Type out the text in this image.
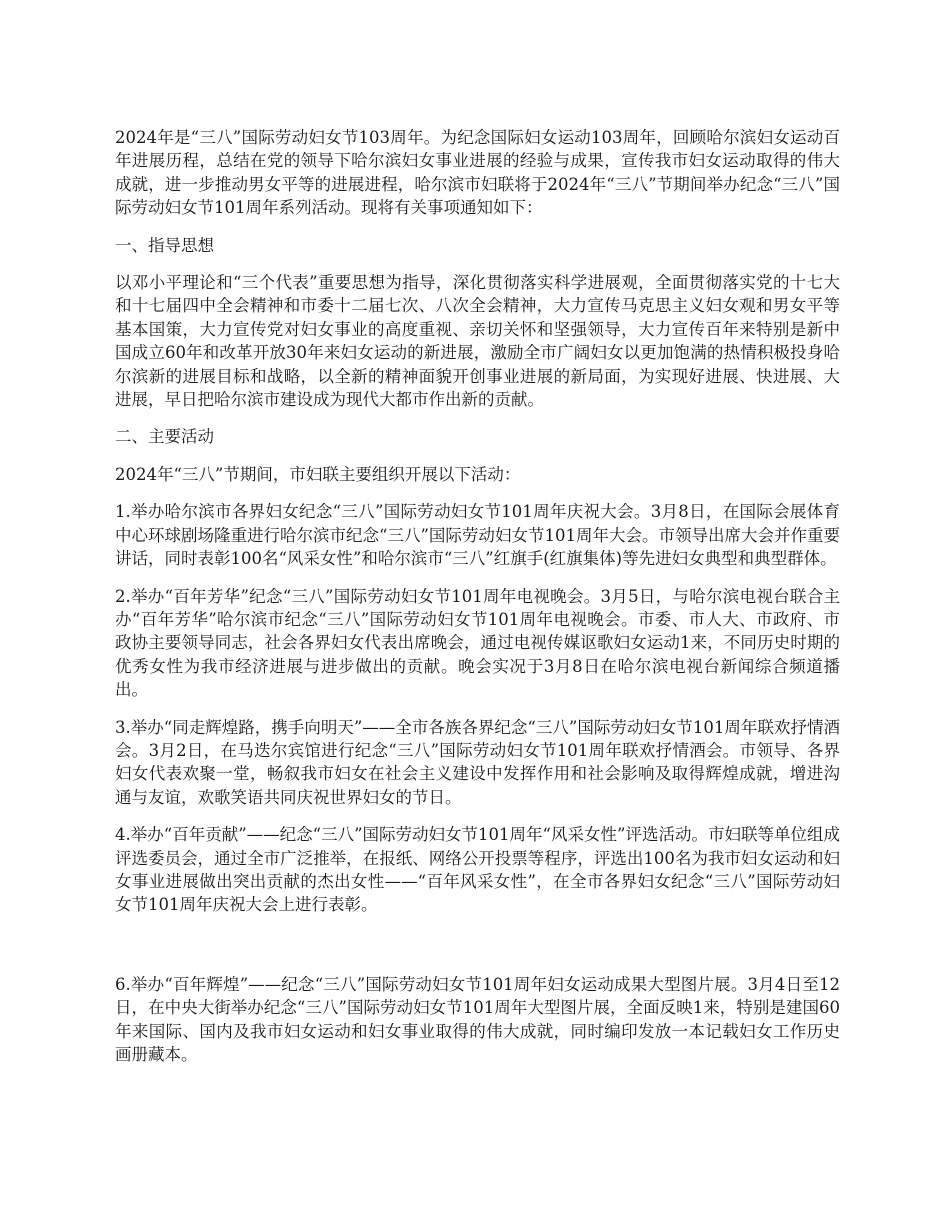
2024年是“三八”国际劳动妇女节103周年。为纪念国际妇女运动103周年，回顾哈尔滨妇女运动百年进展历程，总结在党的领导下哈尔滨妇女事业进展的经验与成果，宣传我市妇女运动取得的伟大成就，进一步推动男女平等的进展进程，哈尔滨市妇联将于2024年“三八”节期间举办纪念“三八”国际劳动妇女节101周年系列活动。现将有关事项通知如下：

一、指导思想

以邓小平理论和“三个代表”重要思想为指导，深化贯彻落实科学进展观，全面贯彻落实党的十七大和十七届四中全会精神和市委十二届七次、八次全会精神，大力宣传马克思主义妇女观和男女平等基本国策，大力宣传党对妇女事业的高度重视、亲切关怀和坚强领导，大力宣传百年来特别是新中国成立60年和改革开放30年来妇女运动的新进展，激励全市广阔妇女以更加饱满的热情积极投身哈尔滨新的进展目标和战略，以全新的精神面貌开创事业进展的新局面，为实现好进展、快进展、大进展，早日把哈尔滨市建设成为现代大都市作出新的贡献。

二、主要活动

2024年“三八”节期间，市妇联主要组织开展以下活动：

1.举办哈尔滨市各界妇女纪念“三八”国际劳动妇女节101周年庆祝大会。3月8日，在国际会展体育中心环球剧场隆重进行哈尔滨市纪念“三八”国际劳动妇女节101周年大会。市领导出席大会并作重要讲话，同时表彰100名“风采女性”和哈尔滨市“三八”红旗手(红旗集体)等先进妇女典型和典型群体。

2.举办“百年芳华”纪念“三八”国际劳动妇女节101周年电视晚会。3月5日，与哈尔滨电视台联合主办“百年芳华”哈尔滨市纪念“三八”国际劳动妇女节101周年电视晚会。市委、市人大、市政府、市政协主要领导同志，社会各界妇女代表出席晚会，通过电视传媒讴歌妇女运动1来，不同历史时期的优秀女性为我市经济进展与进步做出的贡献。晚会实况于3月8日在哈尔滨电视台新闻综合频道播出。

3.举办“同走辉煌路，携手向明天”——全市各族各界纪念“三八”国际劳动妇女节101周年联欢抒情酒会。3月2日，在马迭尔宾馆进行纪念“三八”国际劳动妇女节101周年联欢抒情酒会。市领导、各界妇女代表欢聚一堂，畅叙我市妇女在社会主义建设中发挥作用和社会影响及取得辉煌成就，增进沟通与友谊，欢歌笑语共同庆祝世界妇女的节日。

4.举办“百年贡献”——纪念“三八”国际劳动妇女节101周年“风采女性”评选活动。市妇联等单位组成评选委员会，通过全市广泛推举，在报纸、网络公开投票等程序，评选出100名为我市妇女运动和妇女事业进展做出突出贡献的杰出女性——“百年风采女性”，在全市各界妇女纪念“三八”国际劳动妇女节101周年庆祝大会上进行表彰。

6.举办“百年辉煌”——纪念“三八”国际劳动妇女节101周年妇女运动成果大型图片展。3月4日至12日，在中央大街举办纪念“三八”国际劳动妇女节101周年大型图片展，全面反映1来，特别是建国60年来国际、国内及我市妇女运动和妇女事业取得的伟大成就，同时编印发放一本记载妇女工作历史画册藏本。
